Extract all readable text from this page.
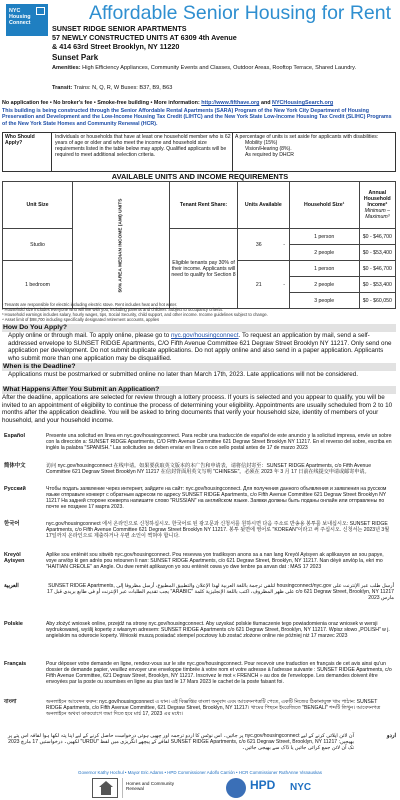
NYC
Housing
Connect	Affordable Senior Housing for Rent
SUNSET RIDGE SENIOR APARTMENTS
57 NEWLY CONSTRUCTED UNITS AT 6309 4th Avenue
& 414 63rd Street Brooklyn, NY 11220
Sunset Park
Amenities: High Efficiency Appliances, Community Events and Classes, Outdoor Areas, Rooftop Terrace, Shared Laundry.
Transit: Trains: N, Q, R, W Buses: B37, B9, B63
No application fee • No broker's fee • Smoke-free building • More information: http://www.fifthave.org and NYCHousingSearch.org
This building is being constructed through the Senior Affordable Rental Apartments (SARA) Program of the New York City Department of Housing Preservation and Development and the Low-Income Housing Tax Credit (LIHTC) and the New York State Low-Income Housing Tax Credit (SLIHC) Programs of the New York State Homes and Community Renewal (HCR).
Who Should Apply?
Individuals or households that have at least one household member who is 62 years of age or older and who meet the income and household size requirements listed in the table below may apply. Qualified applicants will be required to meet additional selection criteria.
A percentage of units is set aside for applicants with disabilities:
Mobility (15%)
Vision/Hearing (8%).
As required by DHCR
AVAILABLE UNITS AND INCOME REQUIREMENTS
Unit Size	50% AREA MEDIAN INCOME (AMI) UNITS	Tenant Rent Share:	Units Available		Household Size¹	Annual Household Income²
Minimum – Maximum³

Studio		Eligible tenants pay 30% of their income. Applicants will need to qualify for Section 8	36	-	1 person	$0 - $46,700
					2 people	$0 - $53,400
1 bedroom			21	-	1 person	$0 - $46,700
					2 people	$0 - $53,400
					3 people	$0 - $60,050
¹ Tenants are responsible for electric including electric stove. Rent includes heat and hot water.
² Household size includes everyone who will live with you, including parents and children. Subject to occupancy criteria.
³ Household earnings includes salary, hourly wages, tips, Social Security, child support, and other income. Income guidelines subject to change.
⁴ Asset limit of $98,700 including specifically designated retirement accounts, applies
How Do You Apply?
Apply online or through mail. To apply online, please go to nyc.gov/housingconnect. To request an application by mail, send a self-addressed envelope to SUNSET RIDGE Apartments, C/O Fifth Avenue Committee 621 Degraw Street Brooklyn NY 11217. Only send one application per development. Do not submit duplicate applications. Do not apply online and also send in a paper application. Applicants who submit more than one application may be disqualified.
When is the Deadline?
Applications must be postmarked or submitted online no later than March 17th, 2023. Late applications will not be considered.
What Happens After You Submit an Application?
After the deadline, applications are selected for review through a lottery process. If yours is selected and you appear to qualify, you will be invited to an appointment of eligibility to continue the process of determining your eligibility. Appointments are usually scheduled from 2 to 10 months after the application deadline. You will be asked to bring documents that verify your household size, identity of members of your household, and your household income.
Español	Presente una solicitud en línea en nyc.gov/housingconnect. Para recibir una traducción de español de este anuncio y la solicitud impresa, envíe un sobre con la dirección a: SUNSET RIDGE Apartments, C/O Fifth Avenue Committee 621 Degraw Street Brooklyn NY 11217. En el reverso del sobre, escriba en inglés la palabra "SPANISH." Las solicitudes se deben enviar en línea o con sello postal antes de 17 de marzo 2023
简体中文	访问 nyc.gov/housingconnect 在线申请。如果要获取英文版本的本广告和申请表，请将信封寄至：SUNSET RIDGE Apartments, c/o Fifth Avenue Committee 621 Degraw Street Brooklyn NY 11217 在信封背面用英文写明 "CHINESE"。必须在 2023 年 3 月 17 日前在线提交申请或邮寄申请。
Pусский	Чтобы подать заявление через интернет, зайдите на сайт: nyc.gov/housingconnect. Для получения данного объявления и заявления на русском языке отправьте конверт с обратным адресом по адресу SUNSET RIDGE Apartments, c/o Fifth Avenue Committee 621 Degraw Street Brooklyn NY 11217 На задней стороне конверта напишите слово "RUSSIAN" на английском языке. Заявки должны быть поданы онлайн или отправлены по почте не позднее 17 марта 2023.
한국어	nyc.gov/housingconnect 에서 온라인으로 신청하십시오. 한국어로 된 광고문과 신청서를 원하시면 다음 주소로 반송용 봉투를 보내십시오: SUNSET RIDGE Apartments, c/o Fifth Avenue Committee 621 Degraw Street Brooklyn NY 11217. 봉투 뒷면에 영어로 "KOREAN"이라고 써 주십시오. 신청서는 2023년 3월 17일까지 온라인으로 제출하거나 우편 소인이 찍혀야 합니다.
Kreyòl Ayisyen
Aplike sou entènèt sou sitwèb nyc.gov/housingconnect. Pou resevwa yon tradiksyon anons sa a nan lang Kreyòl Ayisyen ak aplikasyon an sou papye, voye anvlòp ki gen adrès pou retounen li nan: SUNSET RIDGE Apartments, c/o 621 Degraw Street, Brooklyn, NY 11217. Nan dèyè anvlòp la, ekri mo "HAITIAN CREOLE" an Angle. Ou dwe remèt aplikasyon yo sou entènèt oswa yo dwe tenbre pa anvan dat : MAS 17 2023
العربية	أرسل طلب عبر الإنترنت على housingconnect/nyc.gov لتلقي ترجمة باللغة العربية لهذا الإعلان والتطبيق المطبوع، أرسل مظروفا إلى SUNSET RIDGE Apartments, c/o 621 Degraw Street, Brooklyn, NY 11217 على ظهر المظروف، اكتب باللغة الإنجليزية كلمة "ARABIC" يجب تقديم الطلبات عبر الإنترنت أو في طابع بريدي قبل 17 مارس 2023
Polskie	Aby złożyć wniosek online, przejdź na stronę nyc.gov/housingconnect. Aby uzyskać polskie tłumaczenie tego powiadomienia oraz wniosek w wersji wydrukowanej, wyślij kopertę z własnym adresem: SUNSET RIDGE Apartments c/o 621 Degraw Street, Brooklyn, NY 11217. Wpisz słowo „POLISH" w j. angielskim na odwrocie koperty. Wnioski muszą posiadać stempel pocztowy lub zostać złożone online nie później niż 17 marzec 2023
Français	Pour déposer votre demande en ligne, rendez-vous sur le site nyc.gov/housingconnect. Pour recevoir une traduction en français de cet avis ainsi qu'un dossier de demande papier, veuillez envoyer une enveloppe timbrée à votre nom et votre adresse à l'adresse suivante : SUNSET RIDGE Apartments, c/o Fifth Avenue Committee, 621 Degraw Street, Brooklyn, NY 11217. Inscrivez le mot « FRENCH » au dos de l'enveloppe. Les demandes doivent être envoyées par la poste ou soumises en ligne au plus tard le 17 Mars 2023 le cachet de la poste faisant foi.
বাংলা	অনলাইনে আবেদন করুন: nyc.gov/housingconnect এ যান। এই বিজ্ঞপ্তির বাংলা অনুবাদ এবং আবেদনপত্রটি পেতে, একটি নিজের ঠিকানাযুক্ত খাম পাঠান: SUNSET RIDGE Apartments, c/o Fifth Avenue Committee, 621 Degraw Street, Brooklyn, NY 11217। খামের পিছনে ইংরেজিতে "BENGALI" শব্দটি লিখুন। আবেদনপত্র অনলাইনে অথবা ডাকযোগে জমা দিতে হবে মার্চ 17, 2023 এর মধ্যে।
اردو
آن لائن اپلائی کرنے کے لیے nyc.gov/housingconnect پر جائیں۔ اس نوٹس کا اردو ترجمہ اور چھپی ہوئی درخواست حاصل کرنے کے لیے اپنا پتہ لکھا ہوا لفافہ اس پتے پر بھیجیں: SUNSET RIDGE Apartments, c/o 621 Degraw Street, Brooklyn, NY 11217 لفافے کے پیچھے انگریزی میں لفظ "URDU" لکھیں۔ درخواستیں 17 مارچ 2023 تک آن لائن جمع کرائی جائیں یا ڈاک سے بھیجی جائیں۔
Governor Kathy Hochul • Mayor Eric Adams • HPD Commissioner Adolfo Carrión • HCR Commissioner RuthAnne Visnauskas
Homes and Community Renewal	HPD	NYC
